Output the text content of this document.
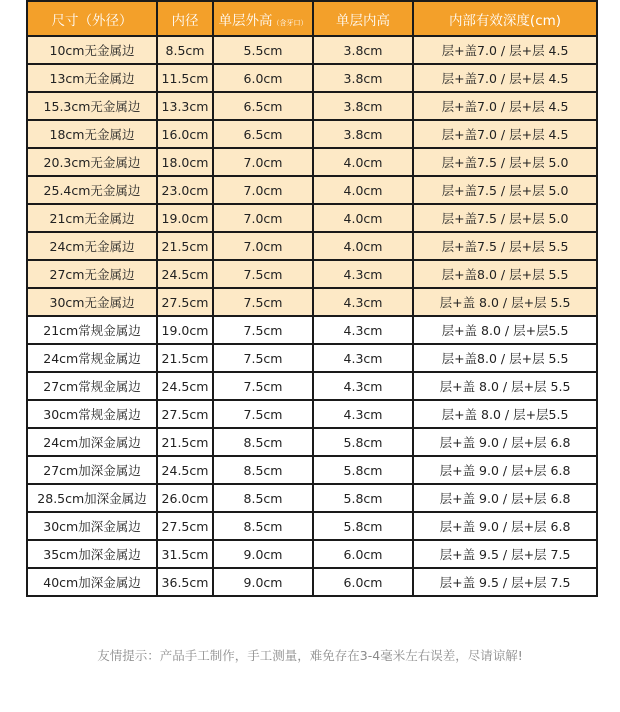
尺寸（外径）	内径	单层外高（含牙口）	单层内高	内部有效深度(cm)
10cm无金属边	8.5cm	5.5cm	3.8cm	层+盖7.0 / 层+层 4.5
13cm无金属边	11.5cm	6.0cm	3.8cm	层+盖7.0 / 层+层 4.5
15.3cm无金属边	13.3cm	6.5cm	3.8cm	层+盖7.0 / 层+层 4.5
18cm无金属边	16.0cm	6.5cm	3.8cm	层+盖7.0 / 层+层 4.5
20.3cm无金属边	18.0cm	7.0cm	4.0cm	层+盖7.5 / 层+层 5.0
25.4cm无金属边	23.0cm	7.0cm	4.0cm	层+盖7.5 / 层+层 5.0
21cm无金属边	19.0cm	7.0cm	4.0cm	层+盖7.5 / 层+层 5.0
24cm无金属边	21.5cm	7.0cm	4.0cm	层+盖7.5 / 层+层 5.5
27cm无金属边	24.5cm	7.5cm	4.3cm	层+盖8.0 / 层+层 5.5
30cm无金属边	27.5cm	7.5cm	4.3cm	层+盖 8.0 / 层+层 5.5
21cm常规金属边	19.0cm	7.5cm	4.3cm	层+盖 8.0 / 层+层5.5
24cm常规金属边	21.5cm	7.5cm	4.3cm	层+盖8.0 / 层+层 5.5
27cm常规金属边	24.5cm	7.5cm	4.3cm	层+盖 8.0 / 层+层 5.5
30cm常规金属边	27.5cm	7.5cm	4.3cm	层+盖 8.0 / 层+层5.5
24cm加深金属边	21.5cm	8.5cm	5.8cm	层+盖 9.0 / 层+层 6.8
27cm加深金属边	24.5cm	8.5cm	5.8cm	层+盖 9.0 / 层+层 6.8
28.5cm加深金属边	26.0cm	8.5cm	5.8cm	层+盖 9.0 / 层+层 6.8
30cm加深金属边	27.5cm	8.5cm	5.8cm	层+盖 9.0 / 层+层 6.8
35cm加深金属边	31.5cm	9.0cm	6.0cm	层+盖 9.5 / 层+层 7.5
40cm加深金属边	36.5cm	9.0cm	6.0cm	层+盖 9.5 / 层+层 7.5
友情提示：产品手工制作，手工测量，难免存在3-4毫米左右误差，尽请谅解!
